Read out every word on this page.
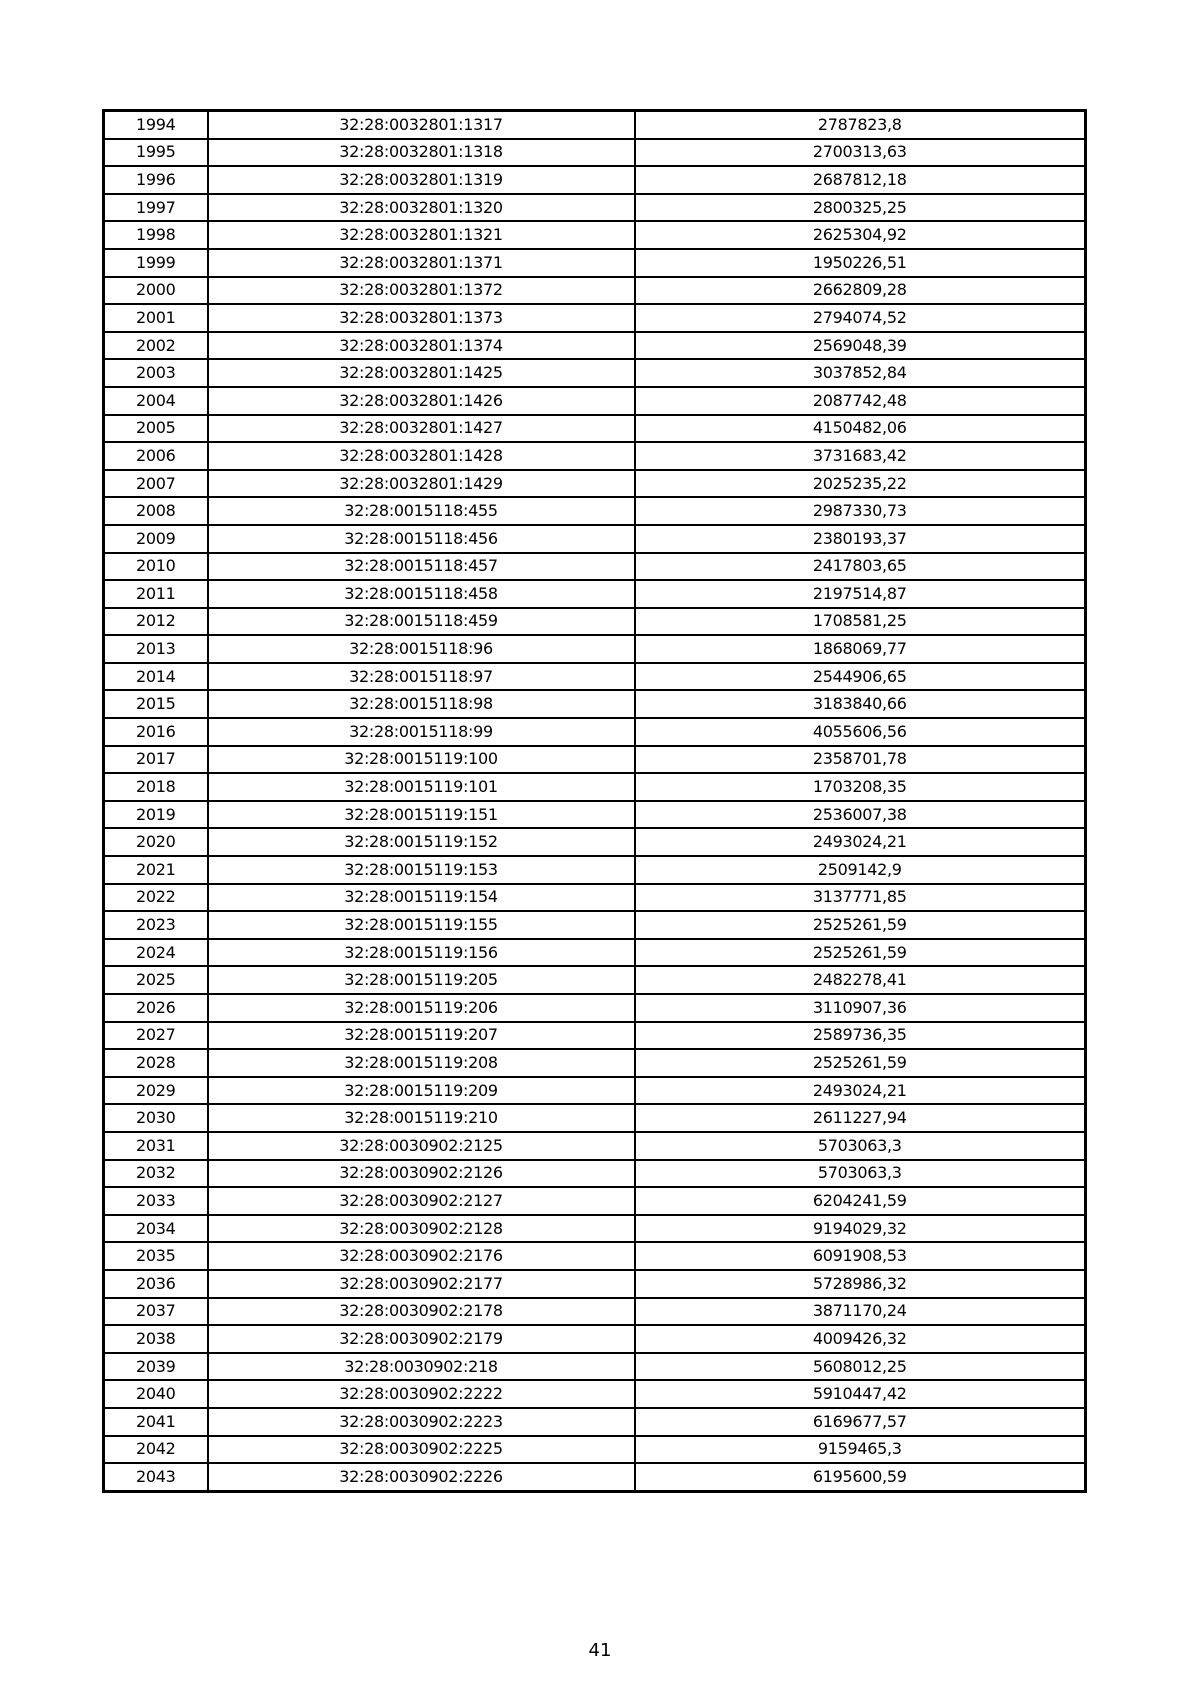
1994	32:28:0032801:1317	2787823,8
1995	32:28:0032801:1318	2700313,63
1996	32:28:0032801:1319	2687812,18
1997	32:28:0032801:1320	2800325,25
1998	32:28:0032801:1321	2625304,92
1999	32:28:0032801:1371	1950226,51
2000	32:28:0032801:1372	2662809,28
2001	32:28:0032801:1373	2794074,52
2002	32:28:0032801:1374	2569048,39
2003	32:28:0032801:1425	3037852,84
2004	32:28:0032801:1426	2087742,48
2005	32:28:0032801:1427	4150482,06
2006	32:28:0032801:1428	3731683,42
2007	32:28:0032801:1429	2025235,22
2008	32:28:0015118:455	2987330,73
2009	32:28:0015118:456	2380193,37
2010	32:28:0015118:457	2417803,65
2011	32:28:0015118:458	2197514,87
2012	32:28:0015118:459	1708581,25
2013	32:28:0015118:96	1868069,77
2014	32:28:0015118:97	2544906,65
2015	32:28:0015118:98	3183840,66
2016	32:28:0015118:99	4055606,56
2017	32:28:0015119:100	2358701,78
2018	32:28:0015119:101	1703208,35
2019	32:28:0015119:151	2536007,38
2020	32:28:0015119:152	2493024,21
2021	32:28:0015119:153	2509142,9
2022	32:28:0015119:154	3137771,85
2023	32:28:0015119:155	2525261,59
2024	32:28:0015119:156	2525261,59
2025	32:28:0015119:205	2482278,41
2026	32:28:0015119:206	3110907,36
2027	32:28:0015119:207	2589736,35
2028	32:28:0015119:208	2525261,59
2029	32:28:0015119:209	2493024,21
2030	32:28:0015119:210	2611227,94
2031	32:28:0030902:2125	5703063,3
2032	32:28:0030902:2126	5703063,3
2033	32:28:0030902:2127	6204241,59
2034	32:28:0030902:2128	9194029,32
2035	32:28:0030902:2176	6091908,53
2036	32:28:0030902:2177	5728986,32
2037	32:28:0030902:2178	3871170,24
2038	32:28:0030902:2179	4009426,32
2039	32:28:0030902:218	5608012,25
2040	32:28:0030902:2222	5910447,42
2041	32:28:0030902:2223	6169677,57
2042	32:28:0030902:2225	9159465,3
2043	32:28:0030902:2226	6195600,59
41
